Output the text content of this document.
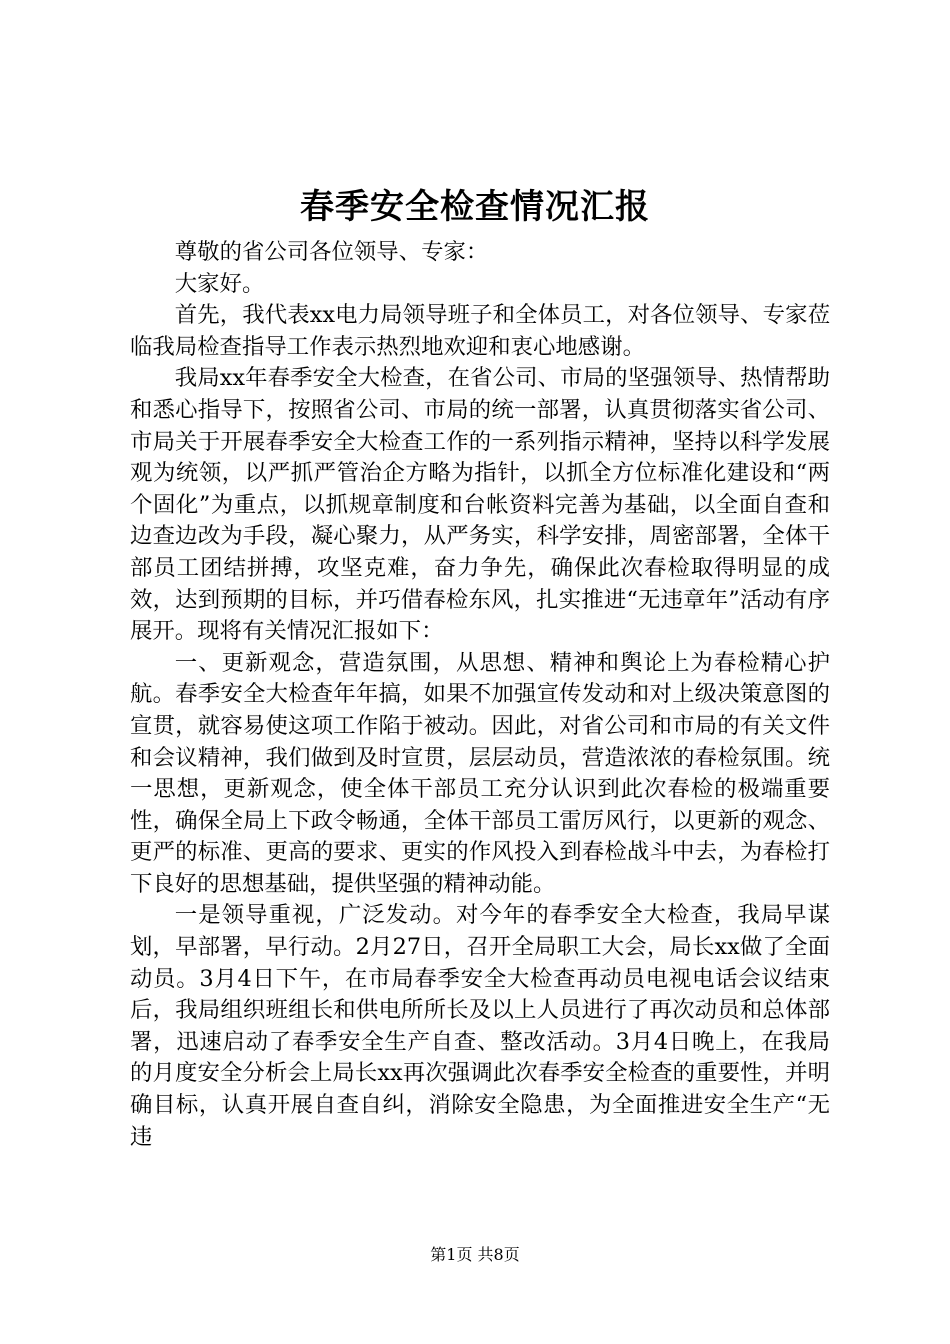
春季安全检查情况汇报

尊敬的省公司各位领导、专家：

大家好。

首先，我代表xx电力局领导班子和全体员工，对各位领导、专家莅临我局检查指导工作表示热烈地欢迎和衷心地感谢。

我局xx年春季安全大检查，在省公司、市局的坚强领导、热情帮助和悉心指导下，按照省公司、市局的统一部署，认真贯彻落实省公司、市局关于开展春季安全大检查工作的一系列指示精神，坚持以科学发展观为统领，以严抓严管治企方略为指针，以抓全方位标准化建设和“两个固化”为重点，以抓规章制度和台帐资料完善为基础，以全面自查和边查边改为手段，凝心聚力，从严务实，科学安排，周密部署，全体干部员工团结拼搏，攻坚克难，奋力争先，确保此次春检取得明显的成效，达到预期的目标，并巧借春检东风，扎实推进“无违章年”活动有序展开。现将有关情况汇报如下：

一、更新观念，营造氛围，从思想、精神和舆论上为春检精心护航。春季安全大检查年年搞，如果不加强宣传发动和对上级决策意图的宣贯，就容易使这项工作陷于被动。因此，对省公司和市局的有关文件和会议精神，我们做到及时宣贯，层层动员，营造浓浓的春检氛围。统一思想，更新观念，使全体干部员工充分认识到此次春检的极端重要性，确保全局上下政令畅通，全体干部员工雷厉风行，以更新的观念、更严的标准、更高的要求、更实的作风投入到春检战斗中去，为春检打下良好的思想基础，提供坚强的精神动能。

一是领导重视，广泛发动。对今年的春季安全大检查，我局早谋划，早部署，早行动。2月27日，召开全局职工大会，局长xx做了全面动员。3月4日下午，在市局春季安全大检查再动员电视电话会议结束后，我局组织班组长和供电所所长及以上人员进行了再次动员和总体部署，迅速启动了春季安全生产自查、整改活动。3月4日晚上，在我局的月度安全分析会上局长xx再次强调此次春季安全检查的重要性，并明确目标，认真开展自查自纠，消除安全隐患，为全面推进安全生产“无违

第1页 共8页
